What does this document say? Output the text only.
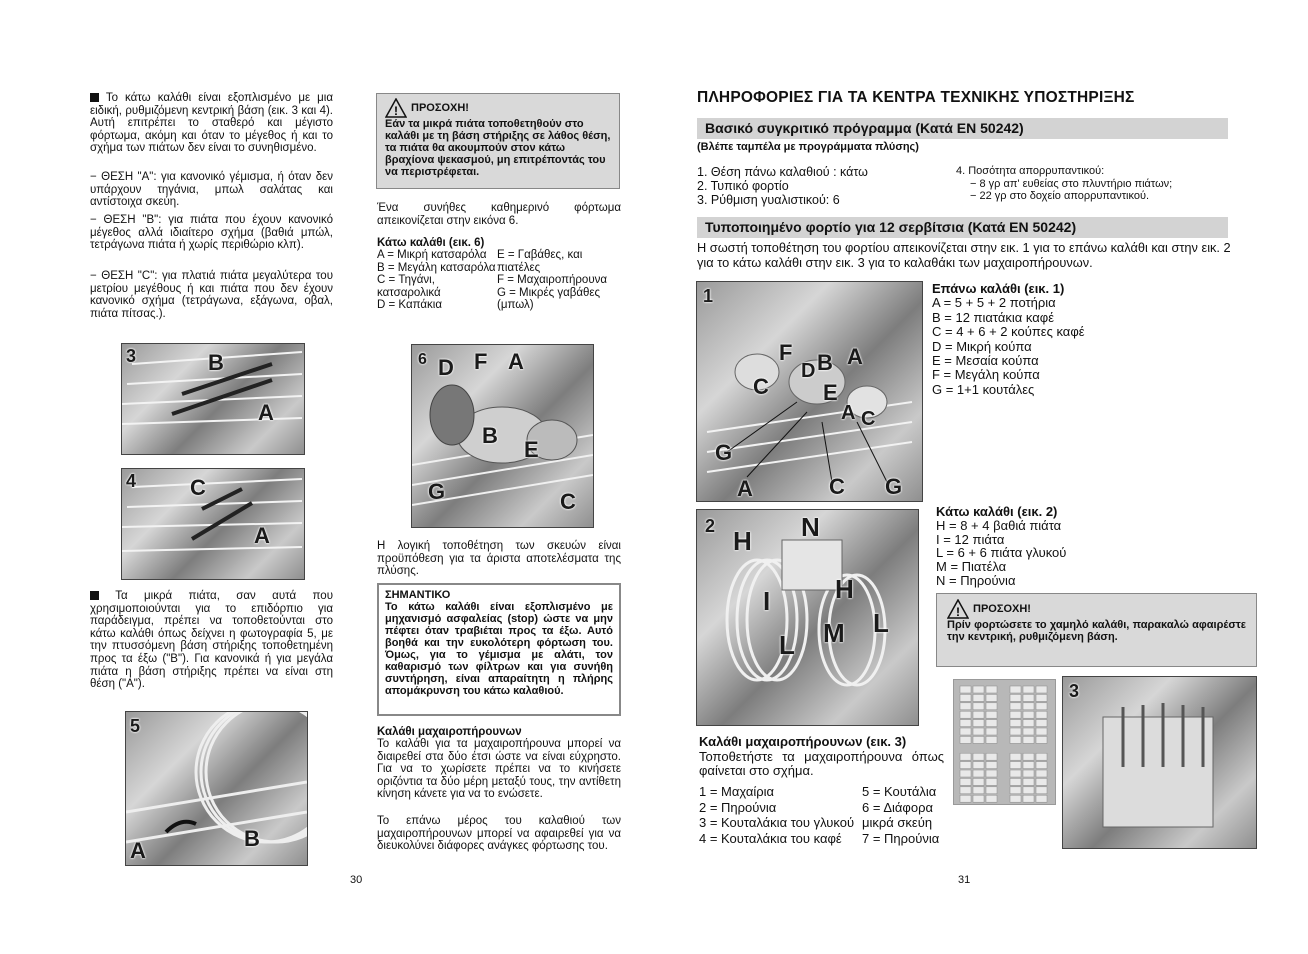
Το κάτω καλάθι είναι εξοπλισμένο με μια ειδική, ρυθμιζόμενη κεντρική βάση (εικ. 3 και 4). Αυτή επιτρέπει το σταθερό και μέγιστο φόρτωμα, ακόμη και όταν το μέγεθος ή και το σχήμα των πιάτων δεν είναι το συνηθισμένο.
− ΘΕΣΗ "A": για κανονικό γέμισμα, ή όταν δεν υπάρχουν τηγάνια, μπωλ σαλάτας και αντίστοιχα σκεύη.
− ΘΕΣΗ "B": για πιάτα που έχουν κανονικό μέγεθος αλλά ιδιαίτερο σχήμα (βαθιά μπώλ, τετράγωνα πιάτα ή χωρίς περιθώριο κλπ).
− ΘΕΣΗ "C": για πλατιά πιάτα μεγαλύτερα του μετρίου μεγέθους ή και πιάτα που δεν έχουν κανονικό σχήμα (τετράγωνα, εξάγωνα, οβαλ, πιάτα πίτσας.).
3	B
A
4 C
A
Τα μικρά πιάτα, σαν αυτά που χρησιμοποιούνται για το επιδόρπιο για παράδειγμα, πρέπει να τοποθετούνται στο κάτω καλάθι όπως δείχνει η φωτογραφία 5, με την πτυσσόμενη βάση στήριξης τοποθετημένη προς τα έξω ("B"). Για κανονικά ή για μεγάλα πιάτα η βάση στήριξης πρέπει να είναι στη θέση ("A").
5
A	B
! ΠΡΟΣΟΧΗ!
Εάν τα μικρά πιάτα τοποθετηθούν στο καλάθι με τη βάση στήριξης σε λάθος θέση, τα πιάτα θα ακουμπούν στον κάτω βραχίονα ψεκασμού, μη επιτρέποντάς του να περιστρέφεται.
Ένα συνήθες καθημερινό φόρτωμα απεικονίζεται στην εικόνα 6.
Κάτω καλάθι (εικ. 6)
A = Μικρή κατσαρόλα
B = Μεγάλη κατσαρόλα
C = Τηγάνι, κατσαρολικά
D = Καπάκια
E = Γαβάθες, και πιατέλες
F = Μαχαιροπήρουνα
G = Μικρές γαβάθες (μπωλ)
6 D F A
B
E
G	C
Η λογική τοποθέτηση των σκευών είναι προϋπόθεση για τα άριστα αποτελέσματα της πλύσης.
ΣΗΜΑΝΤΙΚΟ
Το κάτω καλάθι είναι εξοπλισμένο με μηχανισμό ασφαλείας (stop) ώστε να μην πέφτει όταν τραβιέται προς τα έξω. Αυτό βοηθά και την ευκολότερη φόρτωση του. Όμως, για το γέμισμα με αλάτι, τον καθαρισμό των φίλτρων και για συνήθη συντήρηση, είναι απαραίτητη η πλήρης απομάκρυνση του κάτω καλαθιού.
Καλάθι μαχαιροπήρουνων
Το καλάθι για τα μαχαιροπήρουνα μπορεί να διαιρεθεί στα δύο έτσι ώστε να είναι εύχρηστο. Για να το χωρίσετε πρέπει να το κινήσετε οριζόντια τα δύο μέρη μεταξύ τους, την αντίθετη κίνηση κάνετε για να το ενώσετε.
Το επάνω μέρος του καλαθιού των μαχαιροπήρουνων μπορεί να αφαιρεθεί για να διευκολύνει διάφορες ανάγκες φόρτωσης του.
30
ΠΛΗΡΟΦΟΡΙΕΣ ΓΙΑ ΤΑ ΚΕΝΤΡΑ ΤΕΧΝΙΚΗΣ ΥΠΟΣΤΗΡΙΞΗΣ
Βασικό συγκριτικό πρόγραμμα (Κατά EN 50242)
(Βλέπε ταμπέλα με προγράμματα πλύσης)
1. Θέση πάνω καλαθιού : κάτω
2. Τυπικό φορτίο
3. Ρύθμιση γυαλιστικού: 6
4. Ποσότητα απορρυπαντικού:
− 8 γρ απ' ευθείας στο πλυντήριο πιάτων;
− 22 γρ στο δοχείο απορρυπαντικού.
Τυποποιημένο φορτίο για 12 σερβίτσια (Κατά EN 50242)
Η σωστή τοποθέτηση του φορτίου απεικονίζεται στην εικ. 1 για το επάνω καλάθι και στην εικ. 2 για το κάτω καλάθι στην εικ. 3 για το καλαθάκι των μαχαιροπήρουνων.
1
F B A
D
C E
A C
G
A	C G
Επάνω καλάθι (εικ. 1)
A = 5 + 5 + 2 ποτήρια
B = 12 πιατάκια καφέ
C = 4 + 6 + 2 κούπες καφέ
D = Μικρή κούπα
E = Μεσαία κούπα
F = Μεγάλη κούπα
G = 1+1 κουτάλες
2 H N
I H
L
M
L
Κάτω καλάθι (εικ. 2)
H = 8 + 4 βαθιά πιάτα
I = 12 πιάτα
L = 6 + 6 πιάτα γλυκού
M = Πιατέλα
N = Πηρούνια
! ΠΡΟΣΟΧΗ!
Πρίν φορτώσετε το χαμηλό καλάθι, παρακαλώ αφαιρέστε την κεντρική, ρυθμιζόμενη βάση.
3
Καλάθι μαχαιροπήρουνων (εικ. 3)
Τοποθετήστε τα μαχαιροπήρουνα όπως φαίνεται στο σχήμα.
1 = Μαχαίρια
2 = Πηρούνια
3 = Κουταλάκια του γλυκού
4 = Κουταλάκια του καφέ
5 = Κουτάλια
6 = Διάφορα μικρά σκεύη
7 = Πηρούνια
31
